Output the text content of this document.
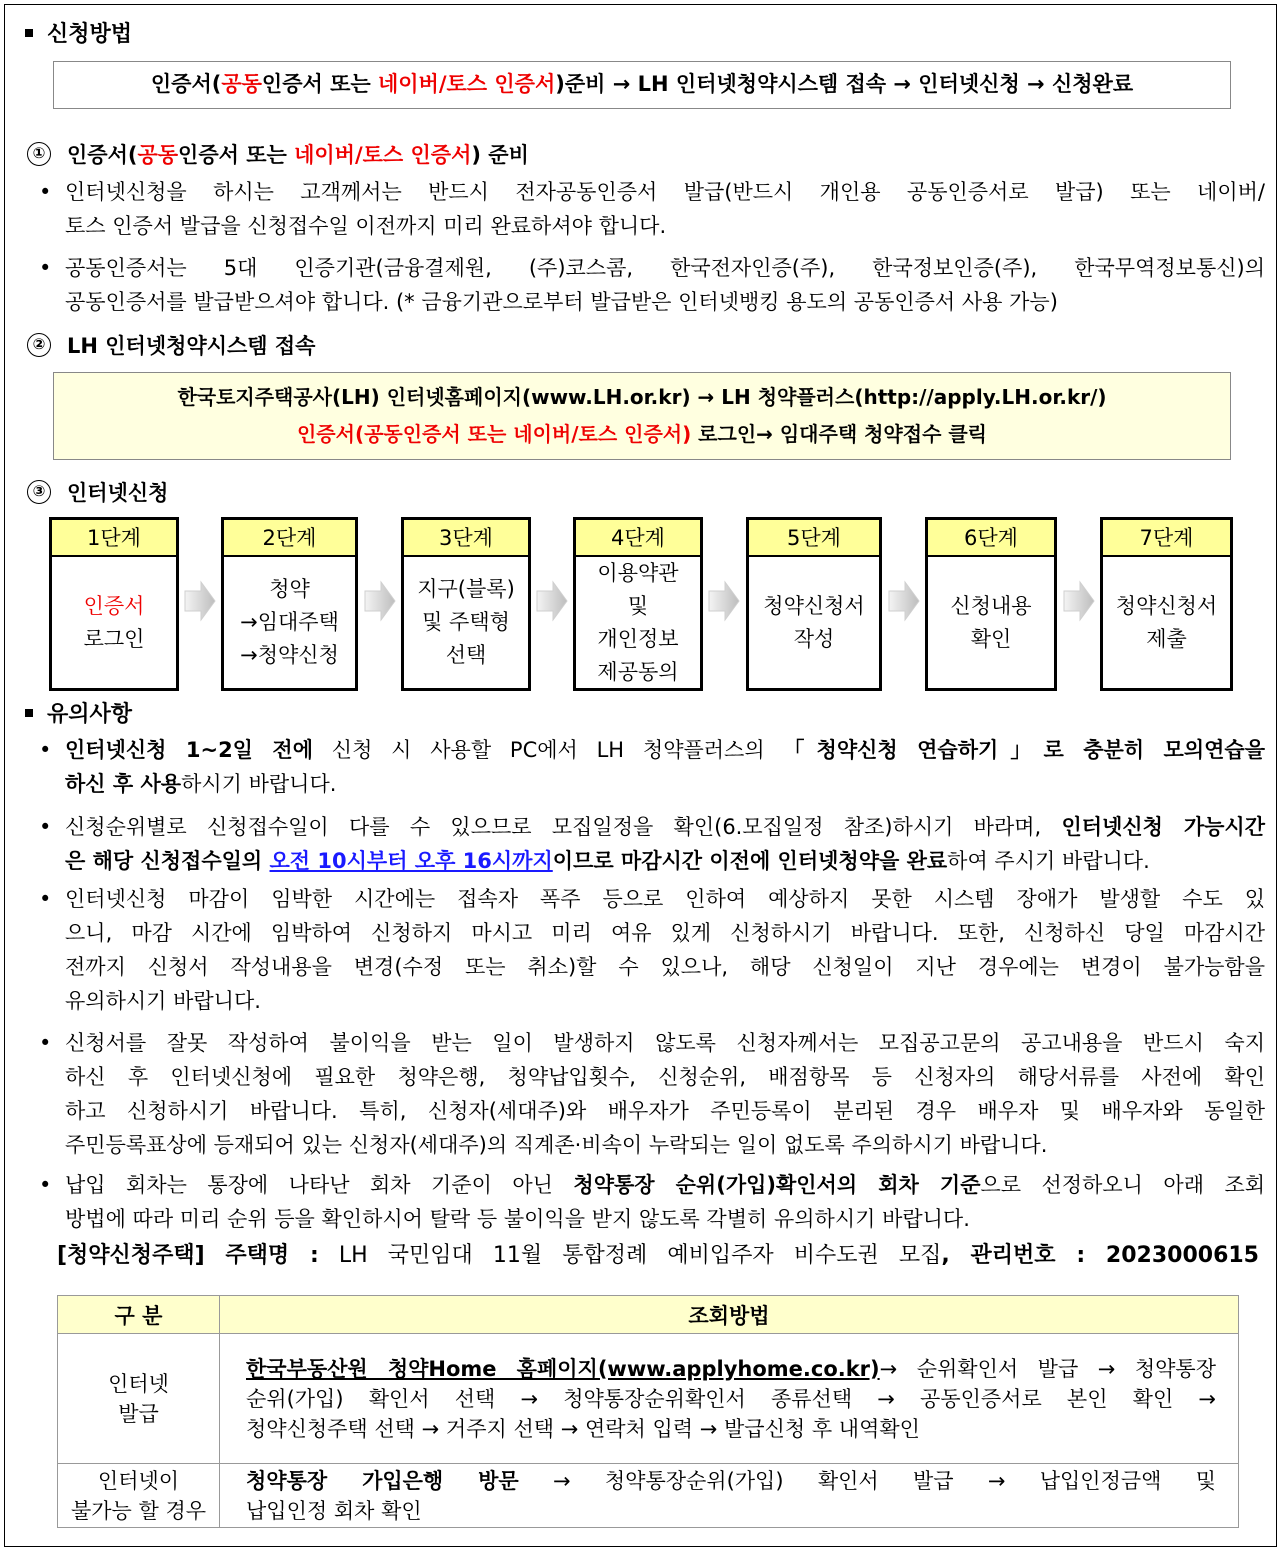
신청방법
인증서(공동인증서 또는 네이버/토스 인증서)준비 → LH 인터넷청약시스템 접속 → 인터넷신청 → 신청완료
① 인증서(공동인증서 또는 네이버/토스 인증서) 준비
• 인터넷신청을 하시는 고객께서는 반드시 전자공동인증서 발급(반드시 개인용 공동인증서로 발급) 또는 네이버/
토스 인증서 발급을 신청접수일 이전까지 미리 완료하셔야 합니다.
• 공동인증서는 5대 인증기관(금융결제원, (주)코스콤, 한국전자인증(주), 한국정보인증(주), 한국무역정보통신)의
공동인증서를 발급받으셔야 합니다. (* 금융기관으로부터 발급받은 인터넷뱅킹 용도의 공동인증서 사용 가능)
② LH 인터넷청약시스템 접속
한국토지주택공사(LH) 인터넷홈페이지(www.LH.or.kr) → LH 청약플러스(http://apply.LH.or.kr/)
인증서(공동인증서 또는 네이버/토스 인증서) 로그인→ 임대주택 청약접수 클릭
③ 인터넷신청
1단계
인증서
로그인
2단계
청약
→임대주택
→청약신청
3단계
지구(블록)
및 주택형
선택
4단계
이용약관
및
개인정보
제공동의
5단계
청약신청서
작성
6단계
신청내용
확인
7단계
청약신청서
제출
유의사항
• 인터넷신청 1~2일 전에 신청 시 사용할 PC에서 LH 청약플러스의 「청약신청 연습하기」로 충분히 모의연습을
하신 후 사용하시기 바랍니다.
• 신청순위별로 신청접수일이 다를 수 있으므로 모집일정을 확인(6.모집일정 참조)하시기 바라며, 인터넷신청 가능시간
은 해당 신청접수일의 오전 10시부터 오후 16시까지이므로 마감시간 이전에 인터넷청약을 완료하여 주시기 바랍니다.
• 인터넷신청 마감이 임박한 시간에는 접속자 폭주 등으로 인하여 예상하지 못한 시스템 장애가 발생할 수도 있
으니, 마감 시간에 임박하여 신청하지 마시고 미리 여유 있게 신청하시기 바랍니다. 또한, 신청하신 당일 마감시간
전까지 신청서 작성내용을 변경(수정 또는 취소)할 수 있으나, 해당 신청일이 지난 경우에는 변경이 불가능함을
유의하시기 바랍니다.
• 신청서를 잘못 작성하여 불이익을 받는 일이 발생하지 않도록 신청자께서는 모집공고문의 공고내용을 반드시 숙지
하신 후 인터넷신청에 필요한 청약은행, 청약납입횟수, 신청순위, 배점항목 등 신청자의 해당서류를 사전에 확인
하고 신청하시기 바랍니다. 특히, 신청자(세대주)와 배우자가 주민등록이 분리된 경우 배우자 및 배우자와 동일한
주민등록표상에 등재되어 있는 신청자(세대주)의 직계존·비속이 누락되는 일이 없도록 주의하시기 바랍니다.
• 납입 회차는 통장에 나타난 회차 기준이 아닌 청약통장 순위(가입)확인서의 회차 기준으로 선정하오니 아래 조회
방법에 따라 미리 순위 등을 확인하시어 탈락 등 불이익을 받지 않도록 각별히 유의하시기 바랍니다.
[청약신청주택] 주택명 : LH 국민임대 11월 통합정례 예비입주자 비수도권 모집, 관리번호 : 2023000615
구 분	조회방법

인터넷
발급	한국부동산원 청약Home 홈페이지(www.applyhome.co.kr)→ 순위확인서 발급 → 청약통장
순위(가입) 확인서 선택 → 청약통장순위확인서 종류선택 → 공동인증서로 본인 확인 →
청약신청주택 선택 → 거주지 선택 → 연락처 입력 → 발급신청 후 내역확인

인터넷이
불가능 할 경우	청약통장 가입은행 방문 → 청약통장순위(가입) 확인서 발급 → 납입인정금액 및
납입인정 회차 확인
